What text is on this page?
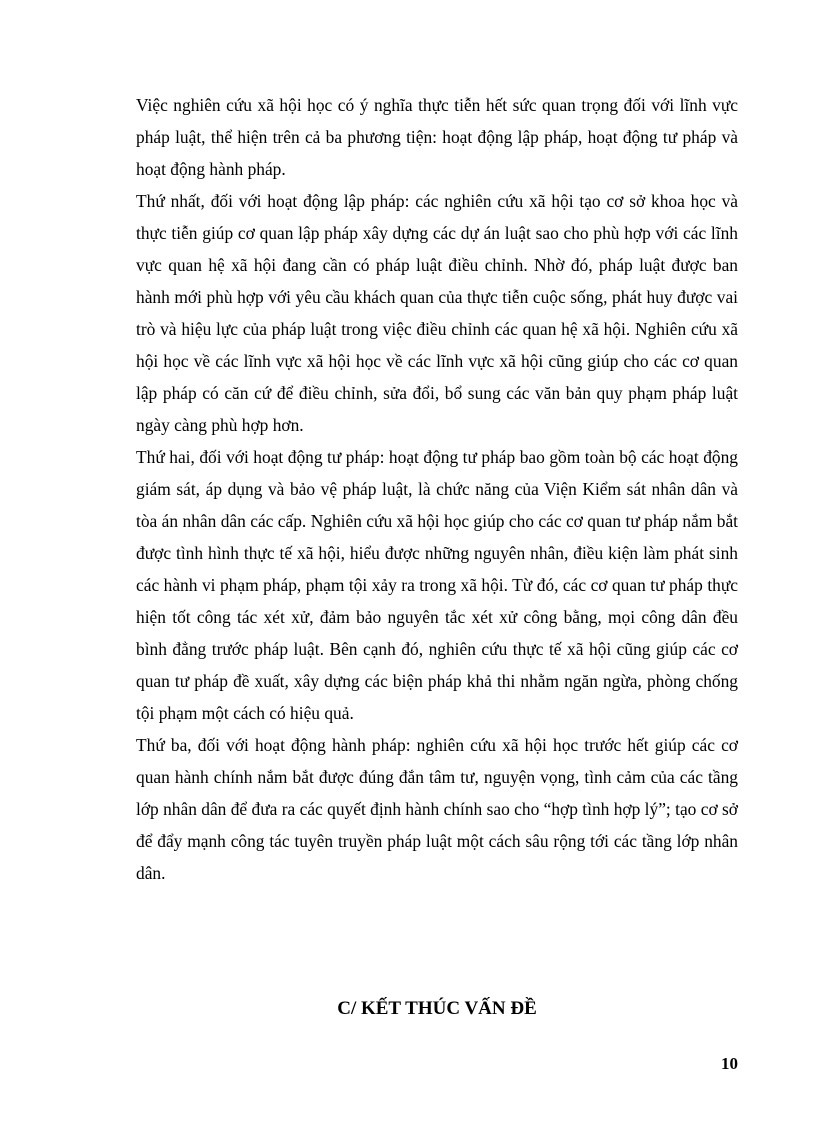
Việc nghiên cứu xã hội học có ý nghĩa thực tiễn hết sức quan trọng đối với lĩnh vực pháp luật, thể hiện trên cả ba phương tiện: hoạt động lập pháp, hoạt động tư pháp và hoạt động hành pháp.

Thứ nhất, đối với hoạt động lập pháp: các nghiên cứu xã hội tạo cơ sở khoa học và thực tiễn giúp cơ quan lập pháp xây dựng các dự án luật sao cho phù hợp với các lĩnh vực quan hệ xã hội đang cần có pháp luật điều chỉnh. Nhờ đó, pháp luật được ban hành mới phù hợp với yêu cầu khách quan của thực tiễn cuộc sống, phát huy được vai trò và hiệu lực của pháp luật trong việc điều chỉnh các quan hệ xã hội. Nghiên cứu xã hội học về các lĩnh vực xã hội học về các lĩnh vực xã hội cũng giúp cho các cơ quan lập pháp có căn cứ để điều chỉnh, sửa đổi, bổ sung các văn bản quy phạm pháp luật ngày càng phù hợp hơn.

Thứ hai, đối với hoạt động tư pháp: hoạt động tư pháp bao gồm toàn bộ các hoạt động giám sát, áp dụng và bảo vệ pháp luật, là chức năng của Viện Kiểm sát nhân dân và tòa án nhân dân các cấp. Nghiên cứu xã hội học giúp cho các cơ quan tư pháp nắm bắt được tình hình thực tế xã hội, hiểu được những nguyên nhân, điều kiện làm phát sinh các hành vi phạm pháp, phạm tội xảy ra trong xã hội. Từ đó, các cơ quan tư pháp thực hiện tốt công tác xét xử, đảm bảo nguyên tắc xét xử công bằng, mọi công dân đều bình đẳng trước pháp luật. Bên cạnh đó, nghiên cứu thực tế xã hội cũng giúp các cơ quan tư pháp đề xuất, xây dựng các biện pháp khả thi nhằm ngăn ngừa, phòng chống tội phạm một cách có hiệu quả.

Thứ ba, đối với hoạt động hành pháp: nghiên cứu xã hội học trước hết giúp các cơ quan hành chính nắm bắt được đúng đắn tâm tư, nguyện vọng, tình cảm của các tầng lớp nhân dân để đưa ra các quyết định hành chính sao cho “hợp tình hợp lý”; tạo cơ sở để đẩy mạnh công tác tuyên truyền pháp luật một cách sâu rộng tới các tầng lớp nhân dân.

C/ KẾT THÚC VẤN ĐỀ
10
